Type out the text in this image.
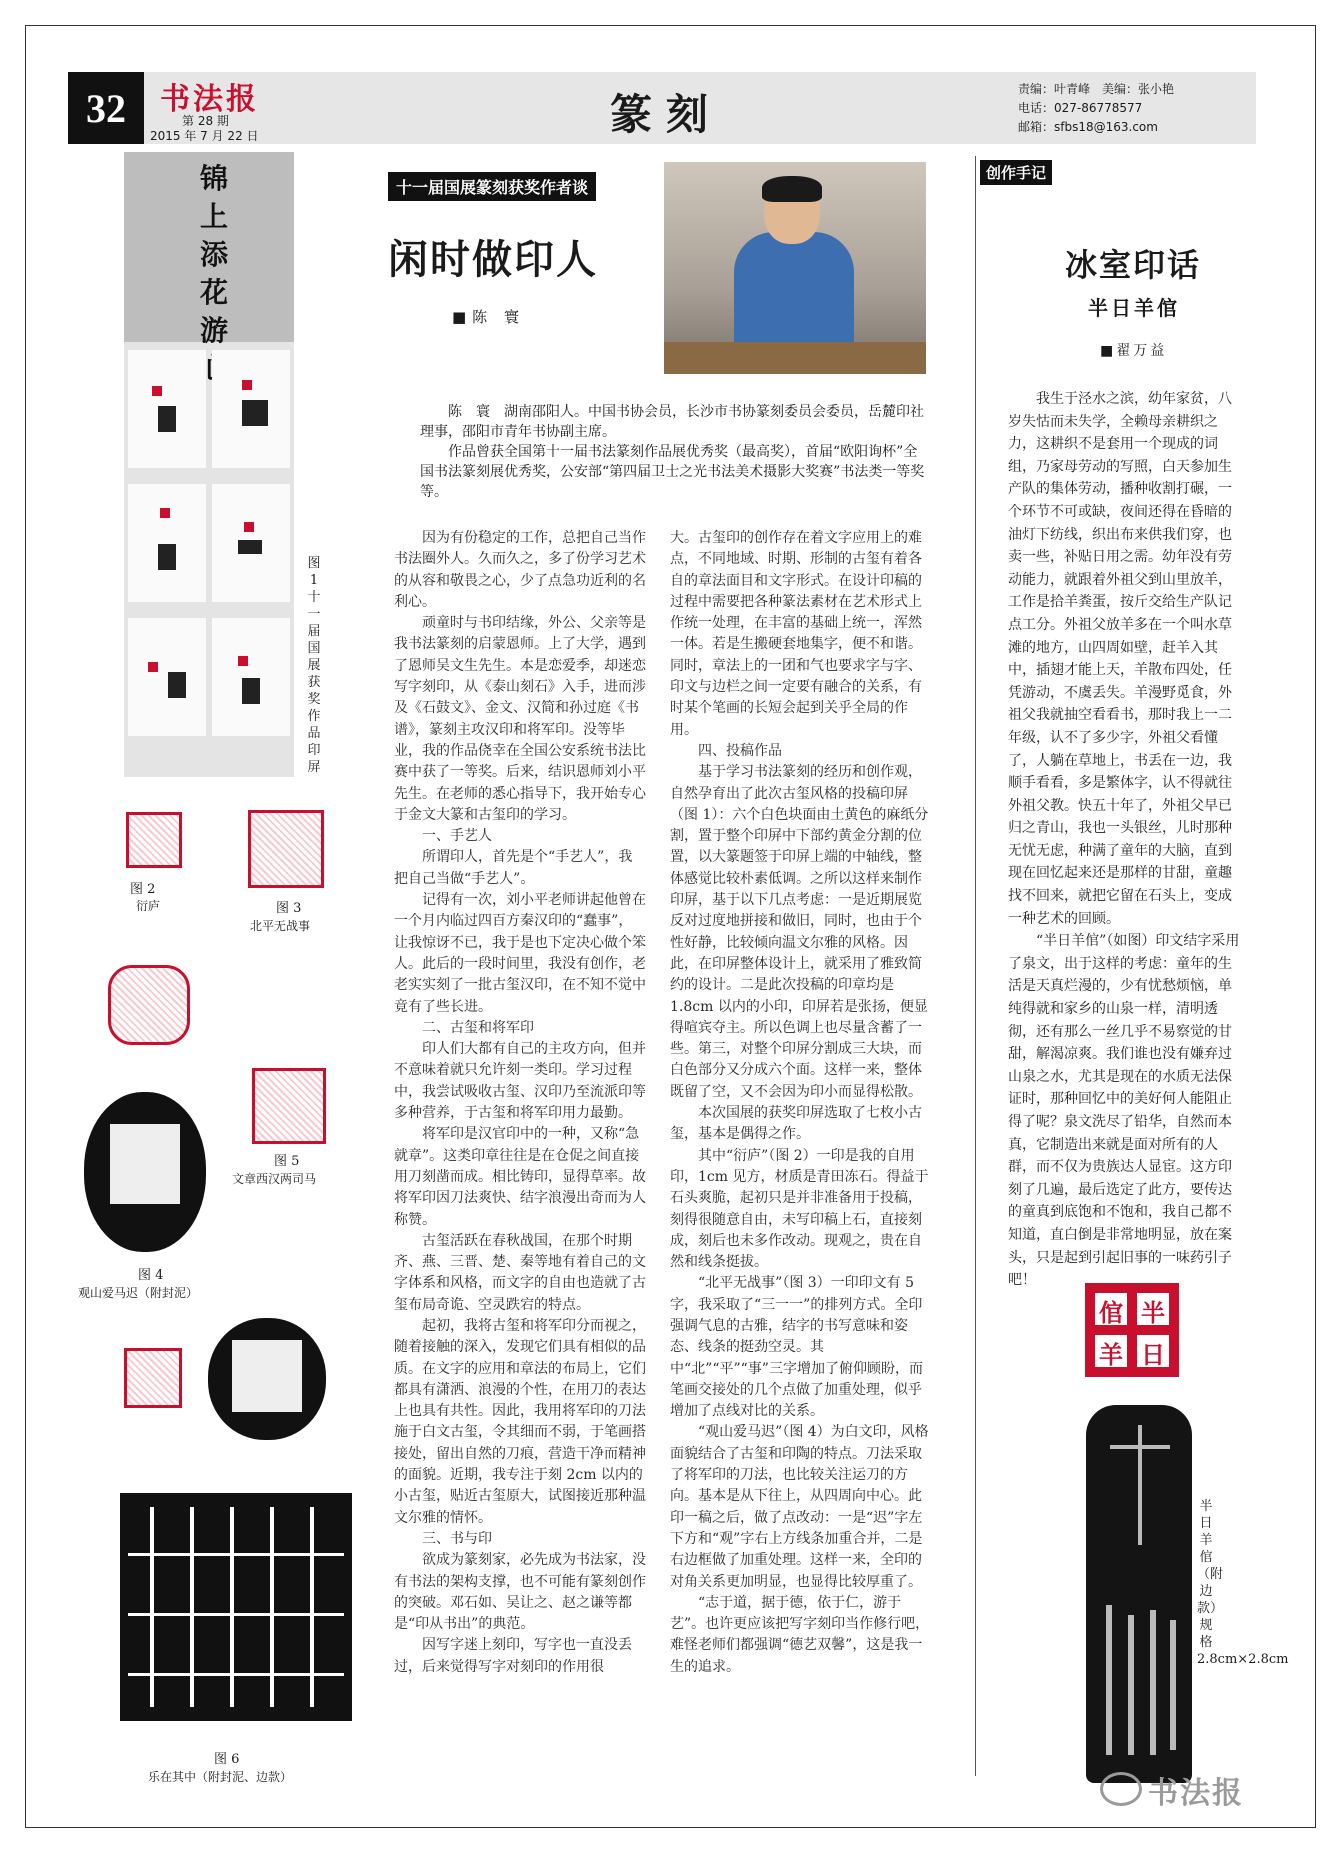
32	书法报
第 28 期
2015 年 7 月 22 日	篆刻
责编：叶青峰　美编：张小艳
电话：027-86778577
邮箱：sfbs18@163.com
锦上添花游
图1 十一届国展获奖作品印屏
图 2
衍庐	图 3
北平无战事
图 4
观山爱马迟（附封泥）
图 5
文章西汉两司马
图 6
乐在其中（附封泥、边款）
十一届国展篆刻获奖作者谈
闲时做印人
■陈 寰

陈　寰　湖南邵阳人。中国书协会员，长沙市书协篆刻委员会委员，岳麓印社理事，邵阳市青年书协副主席。

作品曾获全国第十一届书法篆刻作品展优秀奖（最高奖），首届“欧阳询杯”全国书法篆刻展优秀奖，公安部“第四届卫士之光书法美术摄影大奖赛”书法类一等奖等。

因为有份稳定的工作，总把自己当作书法圈外人。久而久之，多了份学习艺术的从容和敬畏之心，少了点急功近利的名利心。

顽童时与书印结缘，外公、父亲等是我书法篆刻的启蒙恩师。上了大学，遇到了恩师吴文生先生。本是恋爱季，却迷恋写字刻印，从《泰山刻石》入手，进而涉及《石鼓文》、金文、汉简和孙过庭《书谱》，篆刻主攻汉印和将军印。没等毕业，我的作品侥幸在全国公安系统书法比赛中获了一等奖。后来，结识恩师刘小平先生。在老师的悉心指导下，我开始专心于金文大篆和古玺印的学习。

一、手艺人

所谓印人，首先是个“手艺人”，我把自己当做“手艺人”。

记得有一次，刘小平老师讲起他曾在一个月内临过四百方秦汉印的“蠢事”，让我惊讶不已，我于是也下定决心做个笨人。此后的一段时间里，我没有创作，老老实实刻了一批古玺汉印，在不知不觉中竟有了些长进。

二、古玺和将军印

印人们大都有自己的主攻方向，但并不意味着就只允许刻一类印。学习过程中，我尝试吸收古玺、汉印乃至流派印等多种营养，于古玺和将军印用力最勤。

将军印是汉官印中的一种，又称“急就章”。这类印章往往是在仓促之间直接用刀刻凿而成。相比铸印，显得草率。故将军印因刀法爽快、结字浪漫出奇而为人称赞。

古玺活跃在春秋战国，在那个时期齐、燕、三晋、楚、秦等地有着自己的文字体系和风格，而文字的自由也造就了古玺布局奇诡、空灵跌宕的特点。

起初，我将古玺和将军印分而视之，随着接触的深入，发现它们具有相似的品质。在文字的应用和章法的布局上，它们都具有潇洒、浪漫的个性，在用刀的表达上也具有共性。因此，我用将军印的刀法施于白文古玺，令其细而不弱，于笔画搭接处，留出自然的刀痕，营造干净而精神的面貌。近期，我专注于刻 2cm 以内的小古玺，贴近古玺原大，试图接近那种温文尔雅的情怀。

三、书与印

欲成为篆刻家，必先成为书法家，没有书法的架构支撑，也不可能有篆刻创作的突破。邓石如、吴让之、赵之谦等都是“印从书出”的典范。

因写字迷上刻印，写字也一直没丢过，后来觉得写字对刻印的作用很

大。古玺印的创作存在着文字应用上的难点，不同地域、时期、形制的古玺有着各自的章法面目和文字形式。在设计印稿的过程中需要把各种篆法素材在艺术形式上作统一处理，在丰富的基础上统一，浑然一体。若是生搬硬套地集字，便不和谐。同时，章法上的一团和气也要求字与字、印文与边栏之间一定要有融合的关系，有时某个笔画的长短会起到关乎全局的作用。

四、投稿作品

基于学习书法篆刻的经历和创作观，自然孕育出了此次古玺风格的投稿印屏（图 1）：六个白色块面由土黄色的麻纸分割，置于整个印屏中下部约黄金分割的位置，以大篆题签于印屏上端的中轴线，整体感觉比较朴素低调。之所以这样来制作印屏，基于以下几点考虑：一是近期展览反对过度地拼接和做旧，同时，也由于个性好静，比较倾向温文尔雅的风格。因此，在印屏整体设计上，就采用了雅致简约的设计。二是此次投稿的印章均是 1.8cm 以内的小印，印屏若是张扬，便显得喧宾夺主。所以色调上也尽量含蓄了一些。第三，对整个印屏分割成三大块，而白色部分又分成六个面。这样一来，整体既留了空，又不会因为印小而显得松散。

本次国展的获奖印屏选取了七枚小古玺，基本是偶得之作。

其中“衍庐”（图 2）一印是我的自用印，1cm 见方，材质是青田冻石。得益于石头爽脆，起初只是并非准备用于投稿，刻得很随意自由，未写印稿上石，直接刻成，刻后也未多作改动。现观之，贵在自然和线条挺拔。

“北平无战事”（图 3）一印印文有 5 字，我采取了“三一一”的排列方式。全印强调气息的古雅，结字的书写意味和姿态、线条的挺劲空灵。其中“北”“平”“事”三字增加了俯仰顾盼，而笔画交接处的几个点做了加重处理，似乎增加了点线对比的关系。

“观山爱马迟”（图 4）为白文印，风格面貌结合了古玺和印陶的特点。刀法采取了将军印的刀法，也比较关注运刀的方向。基本是从下往上，从四周向中心。此印一稿之后，做了点改动：一是“迟”字左下方和“观”字右上方线条加重合并，二是右边框做了加重处理。这样一来，全印的对角关系更加明显，也显得比较厚重了。

“志于道，据于德，依于仁，游于艺”。也许更应该把写字刻印当作修行吧，难怪老师们都强调“德艺双馨”，这是我一生的追求。

创作手记
冰室印话
半日羊倌
■翟万益

我生于泾水之滨，幼年家贫，八岁失怙而未失学，全赖母亲耕织之力，这耕织不是套用一个现成的词组，乃家母劳动的写照，白天参加生产队的集体劳动，播种收割打碾，一个环节不可或缺，夜间还得在昏暗的油灯下纺线，织出布来供我们穿，也卖一些，补贴日用之需。幼年没有劳动能力，就跟着外祖父到山里放羊，工作是拾羊粪蛋，按斤交给生产队记点工分。外祖父放羊多在一个叫水草滩的地方，山四周如壁，赶羊入其中，插翅才能上天，羊散布四处，任凭游动，不虞丢失。羊漫野觅食，外祖父我就抽空看看书，那时我上一二年级，认不了多少字，外祖父看懂了，人躺在草地上，书丢在一边，我顺手看看，多是繁体字，认不得就往外祖父教。快五十年了，外祖父早已归之青山，我也一头银丝，儿时那种无忧无虑，种满了童年的大脑，直到现在回忆起来还是那样的甘甜，童趣找不回来，就把它留在石头上，变成一种艺术的回顾。

“半日羊倌”（如图）印文结字采用了泉文，出于这样的考虑：童年的生活是天真烂漫的，少有忧愁烦恼，单纯得就和家乡的山泉一样，清明透彻，还有那么一丝几乎不易察觉的甘甜，解渴凉爽。我们谁也没有嫌弃过山泉之水，尤其是现在的水质无法保证时，那种回忆中的美好何人能阻止得了呢？泉文洗尽了铅华，自然而本真，它制造出来就是面对所有的人群，而不仅为贵族达人显宦。这方印刻了几遍，最后选定了此方，要传达的童真到底饱和不饱和，我自己都不知道，直白倒是非常地明显，放在案头，只是起到引起旧事的一味药引子吧！

倌 半
羊 日
半日羊倌（附边款）　规格 2.8cm×2.8cm
书法报
